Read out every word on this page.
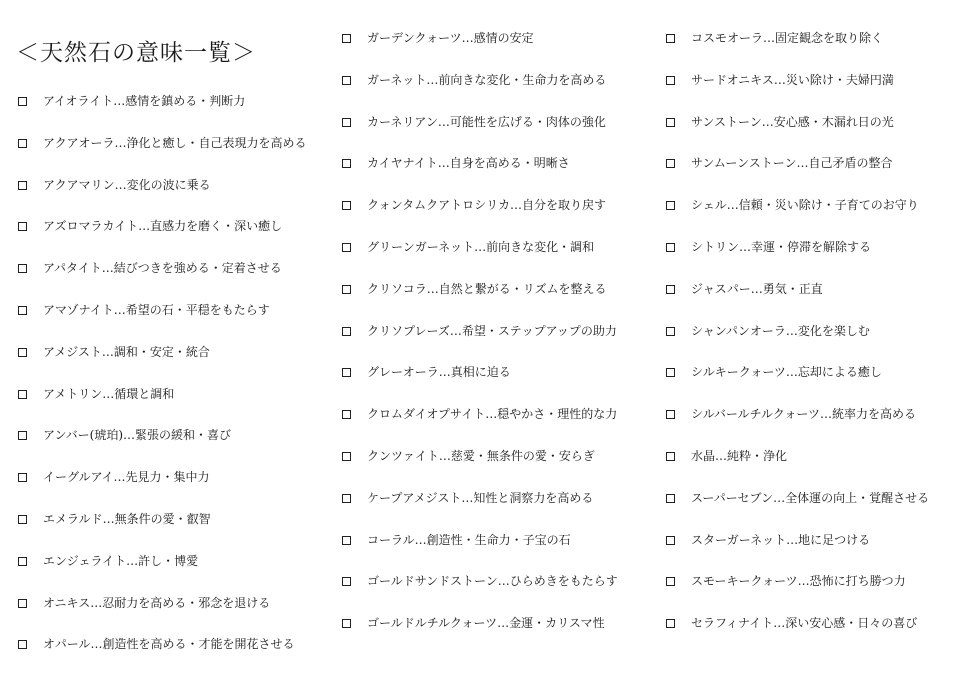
＜天然石の意味一覧＞
アイオライト…感情を鎮める・判断力
アクアオーラ…浄化と癒し・自己表現力を高める
アクアマリン…変化の波に乗る
アズロマラカイト…直感力を磨く・深い癒し
アパタイト…結びつきを強める・定着させる
アマゾナイト…希望の石・平穏をもたらす
アメジスト…調和・安定・統合
アメトリン…循環と調和
アンバー(琥珀)…緊張の緩和・喜び
イーグルアイ…先見力・集中力
エメラルド…無条件の愛・叡智
エンジェライト…許し・博愛
オニキス…忍耐力を高める・邪念を退ける
オパール…創造性を高める・才能を開花させる
ガーデンクォーツ…感情の安定
ガーネット…前向きな変化・生命力を高める
カーネリアン…可能性を広げる・肉体の強化
カイヤナイト…自身を高める・明晰さ
クォンタムクアトロシリカ…自分を取り戻す
グリーンガーネット…前向きな変化・調和
クリソコラ…自然と繋がる・リズムを整える
クリソプレーズ…希望・ステップアップの助力
グレーオーラ…真相に迫る
クロムダイオプサイト…穏やかさ・理性的な力
クンツァイト…慈愛・無条件の愛・安らぎ
ケープアメジスト…知性と洞察力を高める
コーラル…創造性・生命力・子宝の石
ゴールドサンドストーン…ひらめきをもたらす
ゴールドルチルクォーツ…金運・カリスマ性
コスモオーラ…固定観念を取り除く
サードオニキス…災い除け・夫婦円満
サンストーン…安心感・木漏れ日の光
サンムーンストーン…自己矛盾の整合
シェル…信頼・災い除け・子育てのお守り
シトリン…幸運・停滞を解除する
ジャスパー…勇気・正直
シャンパンオーラ…変化を楽しむ
シルキークォーツ…忘却による癒し
シルバールチルクォーツ…統率力を高める
水晶…純粋・浄化
スーパーセブン…全体運の向上・覚醒させる
スターガーネット…地に足つける
スモーキークォーツ…恐怖に打ち勝つ力
セラフィナイト…深い安心感・日々の喜び
